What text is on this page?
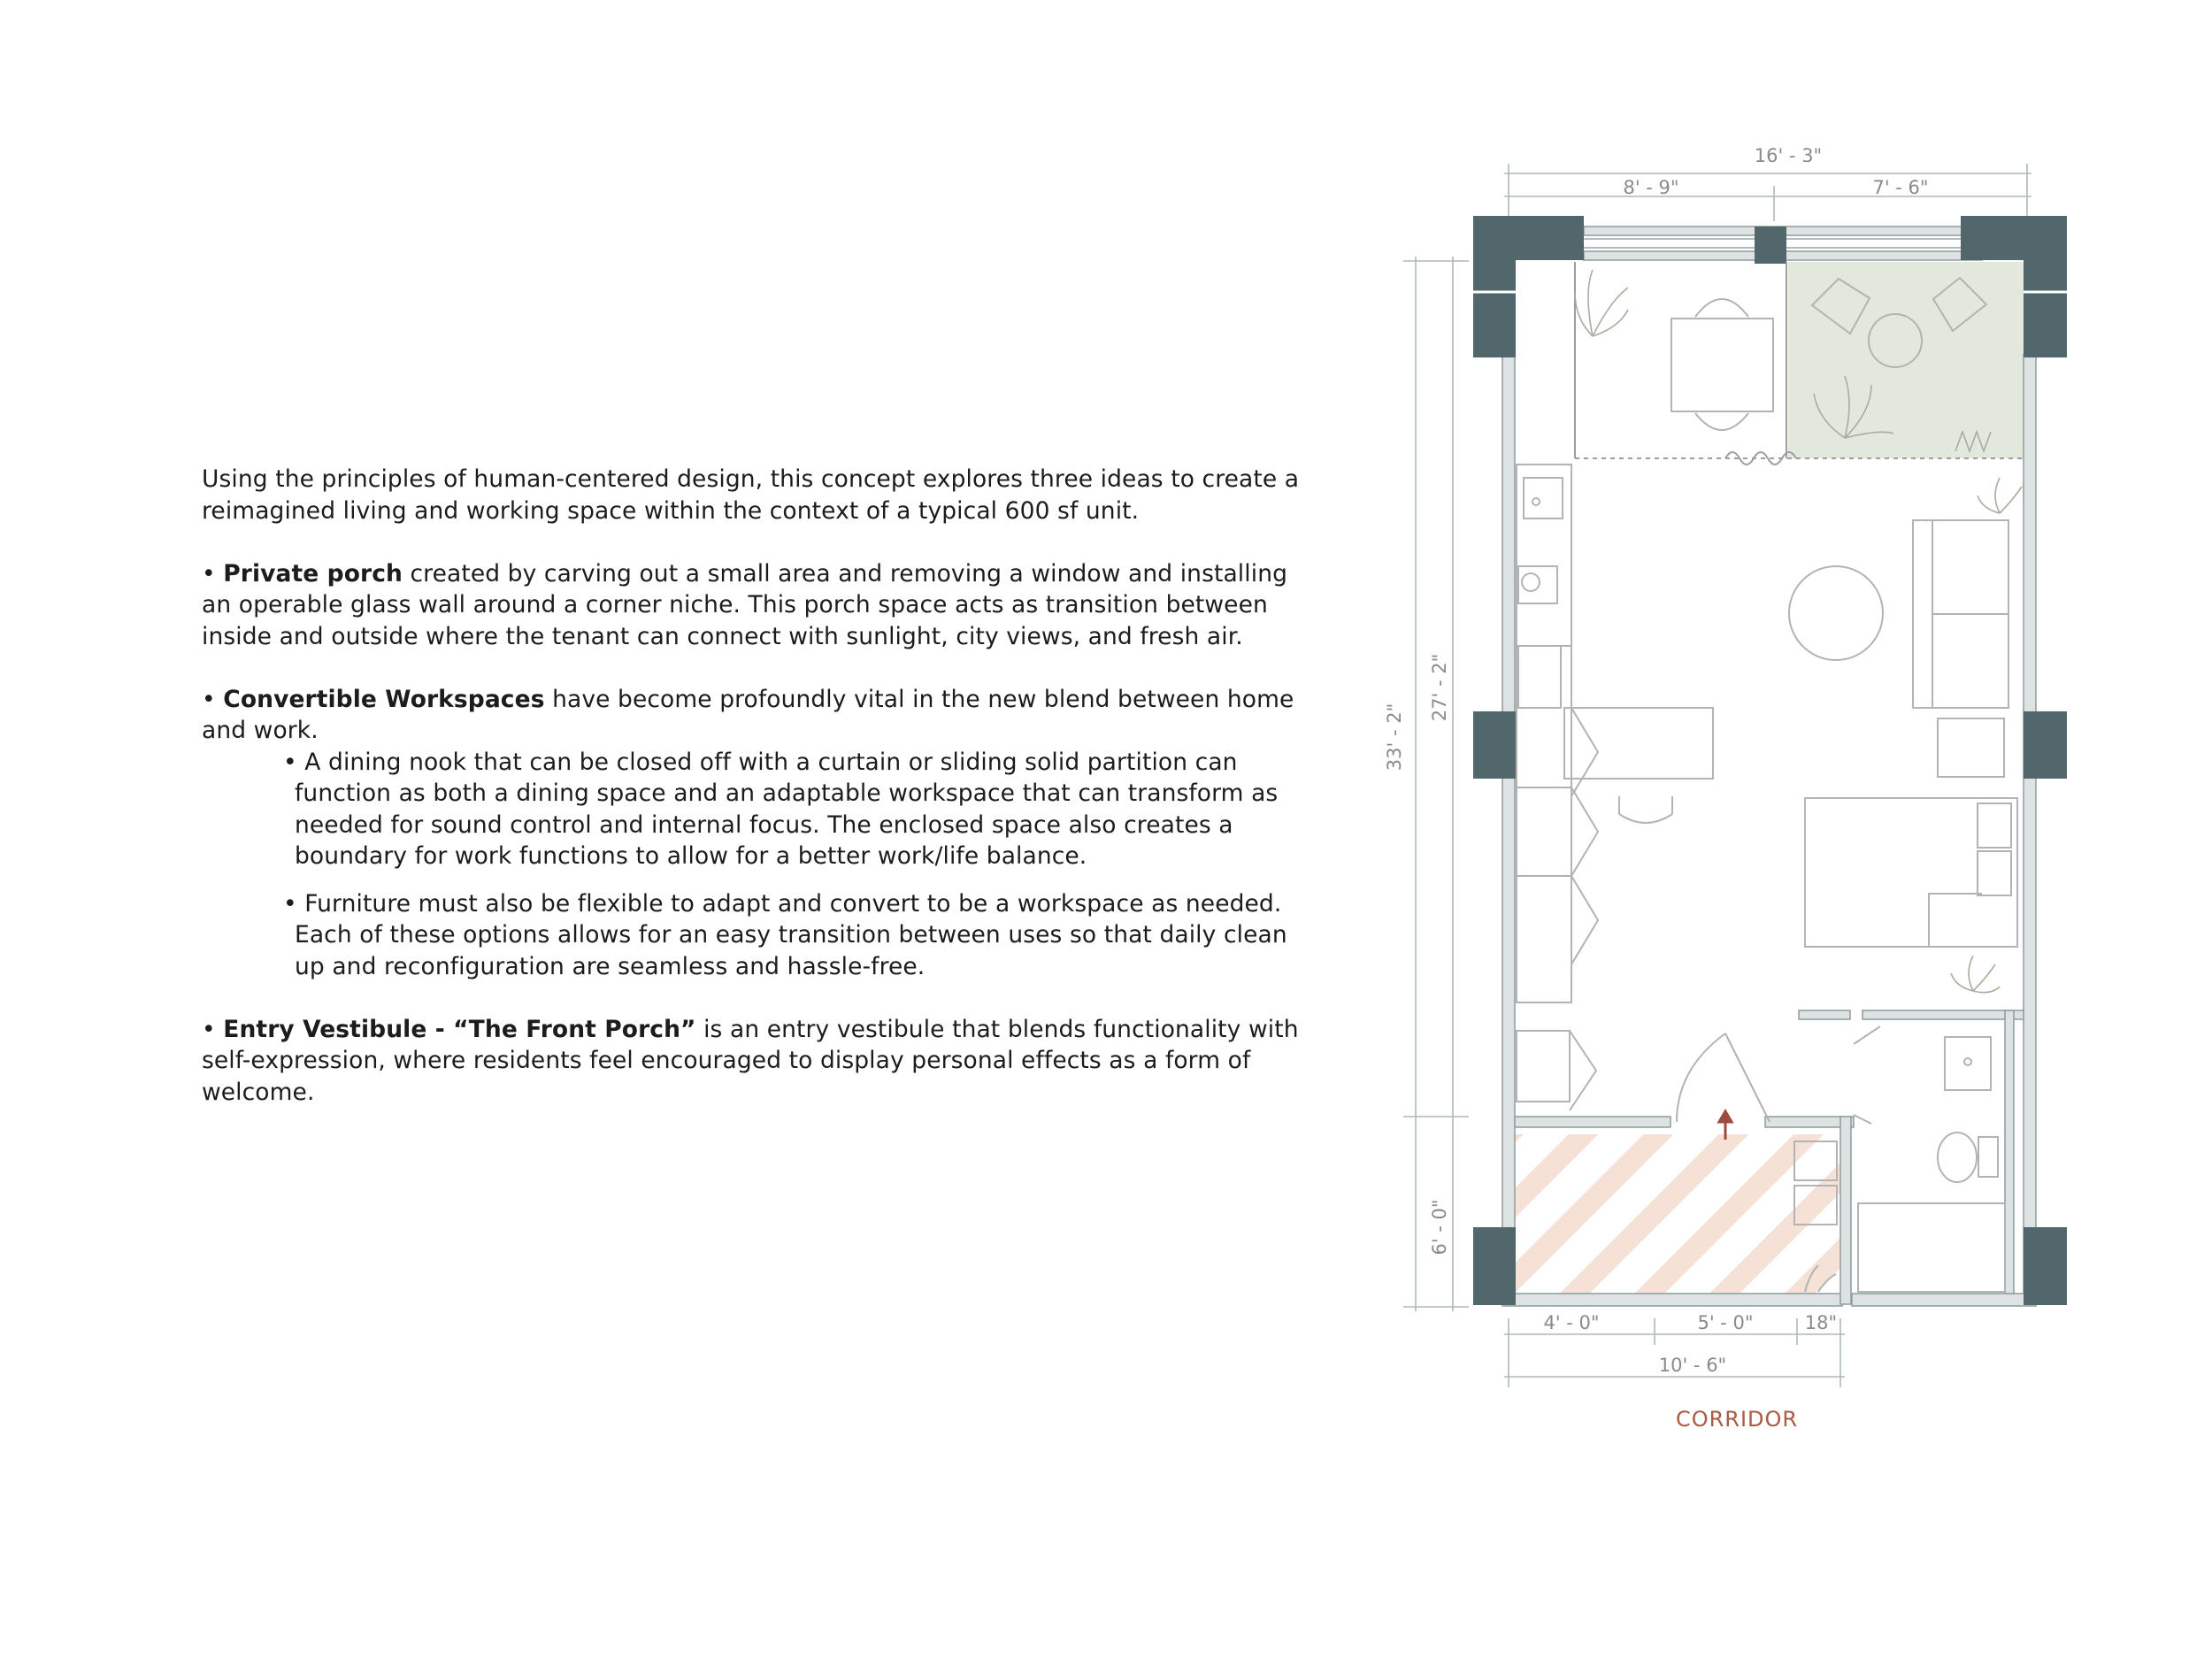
Using the principles of human-centered design, this concept explores three ideas to create a reimagined living and working space within the context of a typical 600 sf unit.

• Private porch created by carving out a small area and removing a window and installing an operable glass wall around a corner niche. This porch space acts as transition between inside and outside where the tenant can connect with sunlight, city views, and fresh air.

• Convertible Workspaces have become profoundly vital in the new blend between home and work.

• A dining nook that can be closed off with a curtain or sliding solid partition can function as both a dining space and an adaptable workspace that can transform as needed for sound control and internal focus. The enclosed space also creates a boundary for work functions to allow for a better work/life balance.

• Furniture must also be flexible to adapt and convert to be a workspace as needed. Each of these options allows for an easy transition between uses so that daily clean up and reconfiguration are seamless and hassle-free.

• Entry Vestibule - “The Front Porch” is an entry vestibule that blends functionality with self-expression, where residents feel encouraged to display personal effects as a form of welcome.

16' - 3"
8' - 9"	7' - 6"
33' - 2"
27' - 2"
6' - 0"
4' - 0"	5' - 0"	18"
10' - 6"
CORRIDOR
